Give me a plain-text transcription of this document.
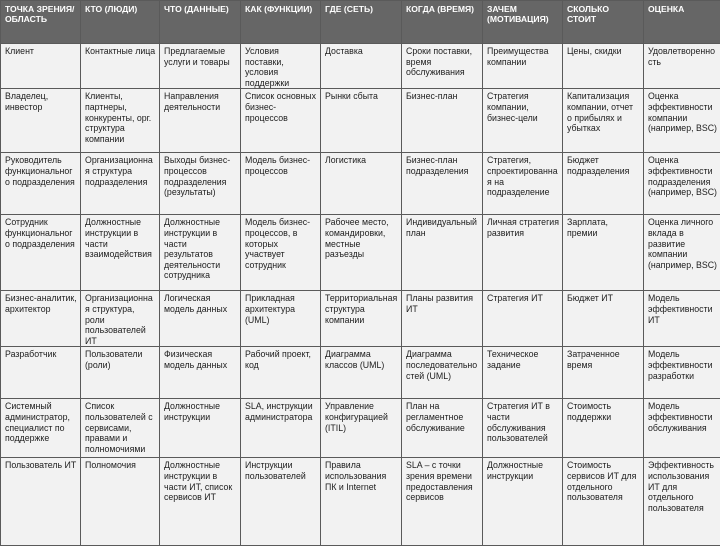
ТОЧКА ЗРЕНИЯ/ ОБЛАСТЬ	КТО (ЛЮДИ)	ЧТО (ДАННЫЕ)	КАК (ФУНКЦИИ)	ГДЕ (СЕТЬ)	КОГДА (ВРЕМЯ)	ЗАЧЕМ (МОТИВАЦИЯ)	СКОЛЬКО СТОИТ	ОЦЕНКА
Клиент	Контактные лица	Предлагаемые услуги и товары	Условия поставки, условия поддержки	Доставка	Сроки поставки, время обслуживания	Преимущества компании	Цены, скидки	Удовлетворенность
Владелец, инвестор	Клиенты, партнеры, конкуренты, орг. структура компании	Направления деятельности	Список основных бизнес-процессов	Рынки сбыта	Бизнес-план	Стратегия компании, бизнес-цели	Капитализация компании, отчет о прибылях и убытках	Оценка эффективности компании (например, BSC)
Руководитель функционального подразделения	Организационная структура подразделения	Выходы бизнес-процессов подразделения (результаты)	Модель бизнес-процессов	Логистика	Бизнес-план подразделения	Стратегия, спроектированная на подразделение	Бюджет подразделения	Оценка эффективности подразделения (например, BSC)
Сотрудник функционального подразделения	Должностные инструкции в части взаимодействия	Должностные инструкции в части результатов деятельности сотрудника	Модель бизнес-процессов, в которых участвует сотрудник	Рабочее место, командировки, местные разъезды	Индивидуальный план	Личная стратегия развития	Зарплата, премии	Оценка личного вклада в развитие компании (например, BSC)
Бизнес-аналитик, архитектор	Организационная структура, роли пользователей ИТ	Логическая модель данных	Прикладная архитектура (UML)	Территориальная структура компании	Планы развития ИТ	Стратегия ИТ	Бюджет ИТ	Модель эффективности ИТ
Разработчик	Пользователи (роли)	Физическая модель данных	Рабочий проект, код	Диаграмма классов (UML)	Диаграмма последовательностей (UML)	Техническое задание	Затраченное время	Модель эффективности разработки
Системный администратор, специалист по поддержке	Список пользователей с сервисами, правами и полномочиями	Должностные инструкции	SLA, инструкции администратора	Управление конфигурацией (ITIL)	План на регламентное обслуживание	Стратегия ИТ в части обслуживания пользователей	Стоимость поддержки	Модель эффективности обслуживания
Пользователь ИТ	Полномочия	Должностные инструкции в части ИТ, список сервисов ИТ	Инструкции пользователей	Правила использования ПК и Internet	SLA – с точки зрения времени предоставления сервисов	Должностные инструкции	Стоимость сервисов ИТ для отдельного пользователя	Эффективность использования ИТ для отдельного пользователя
